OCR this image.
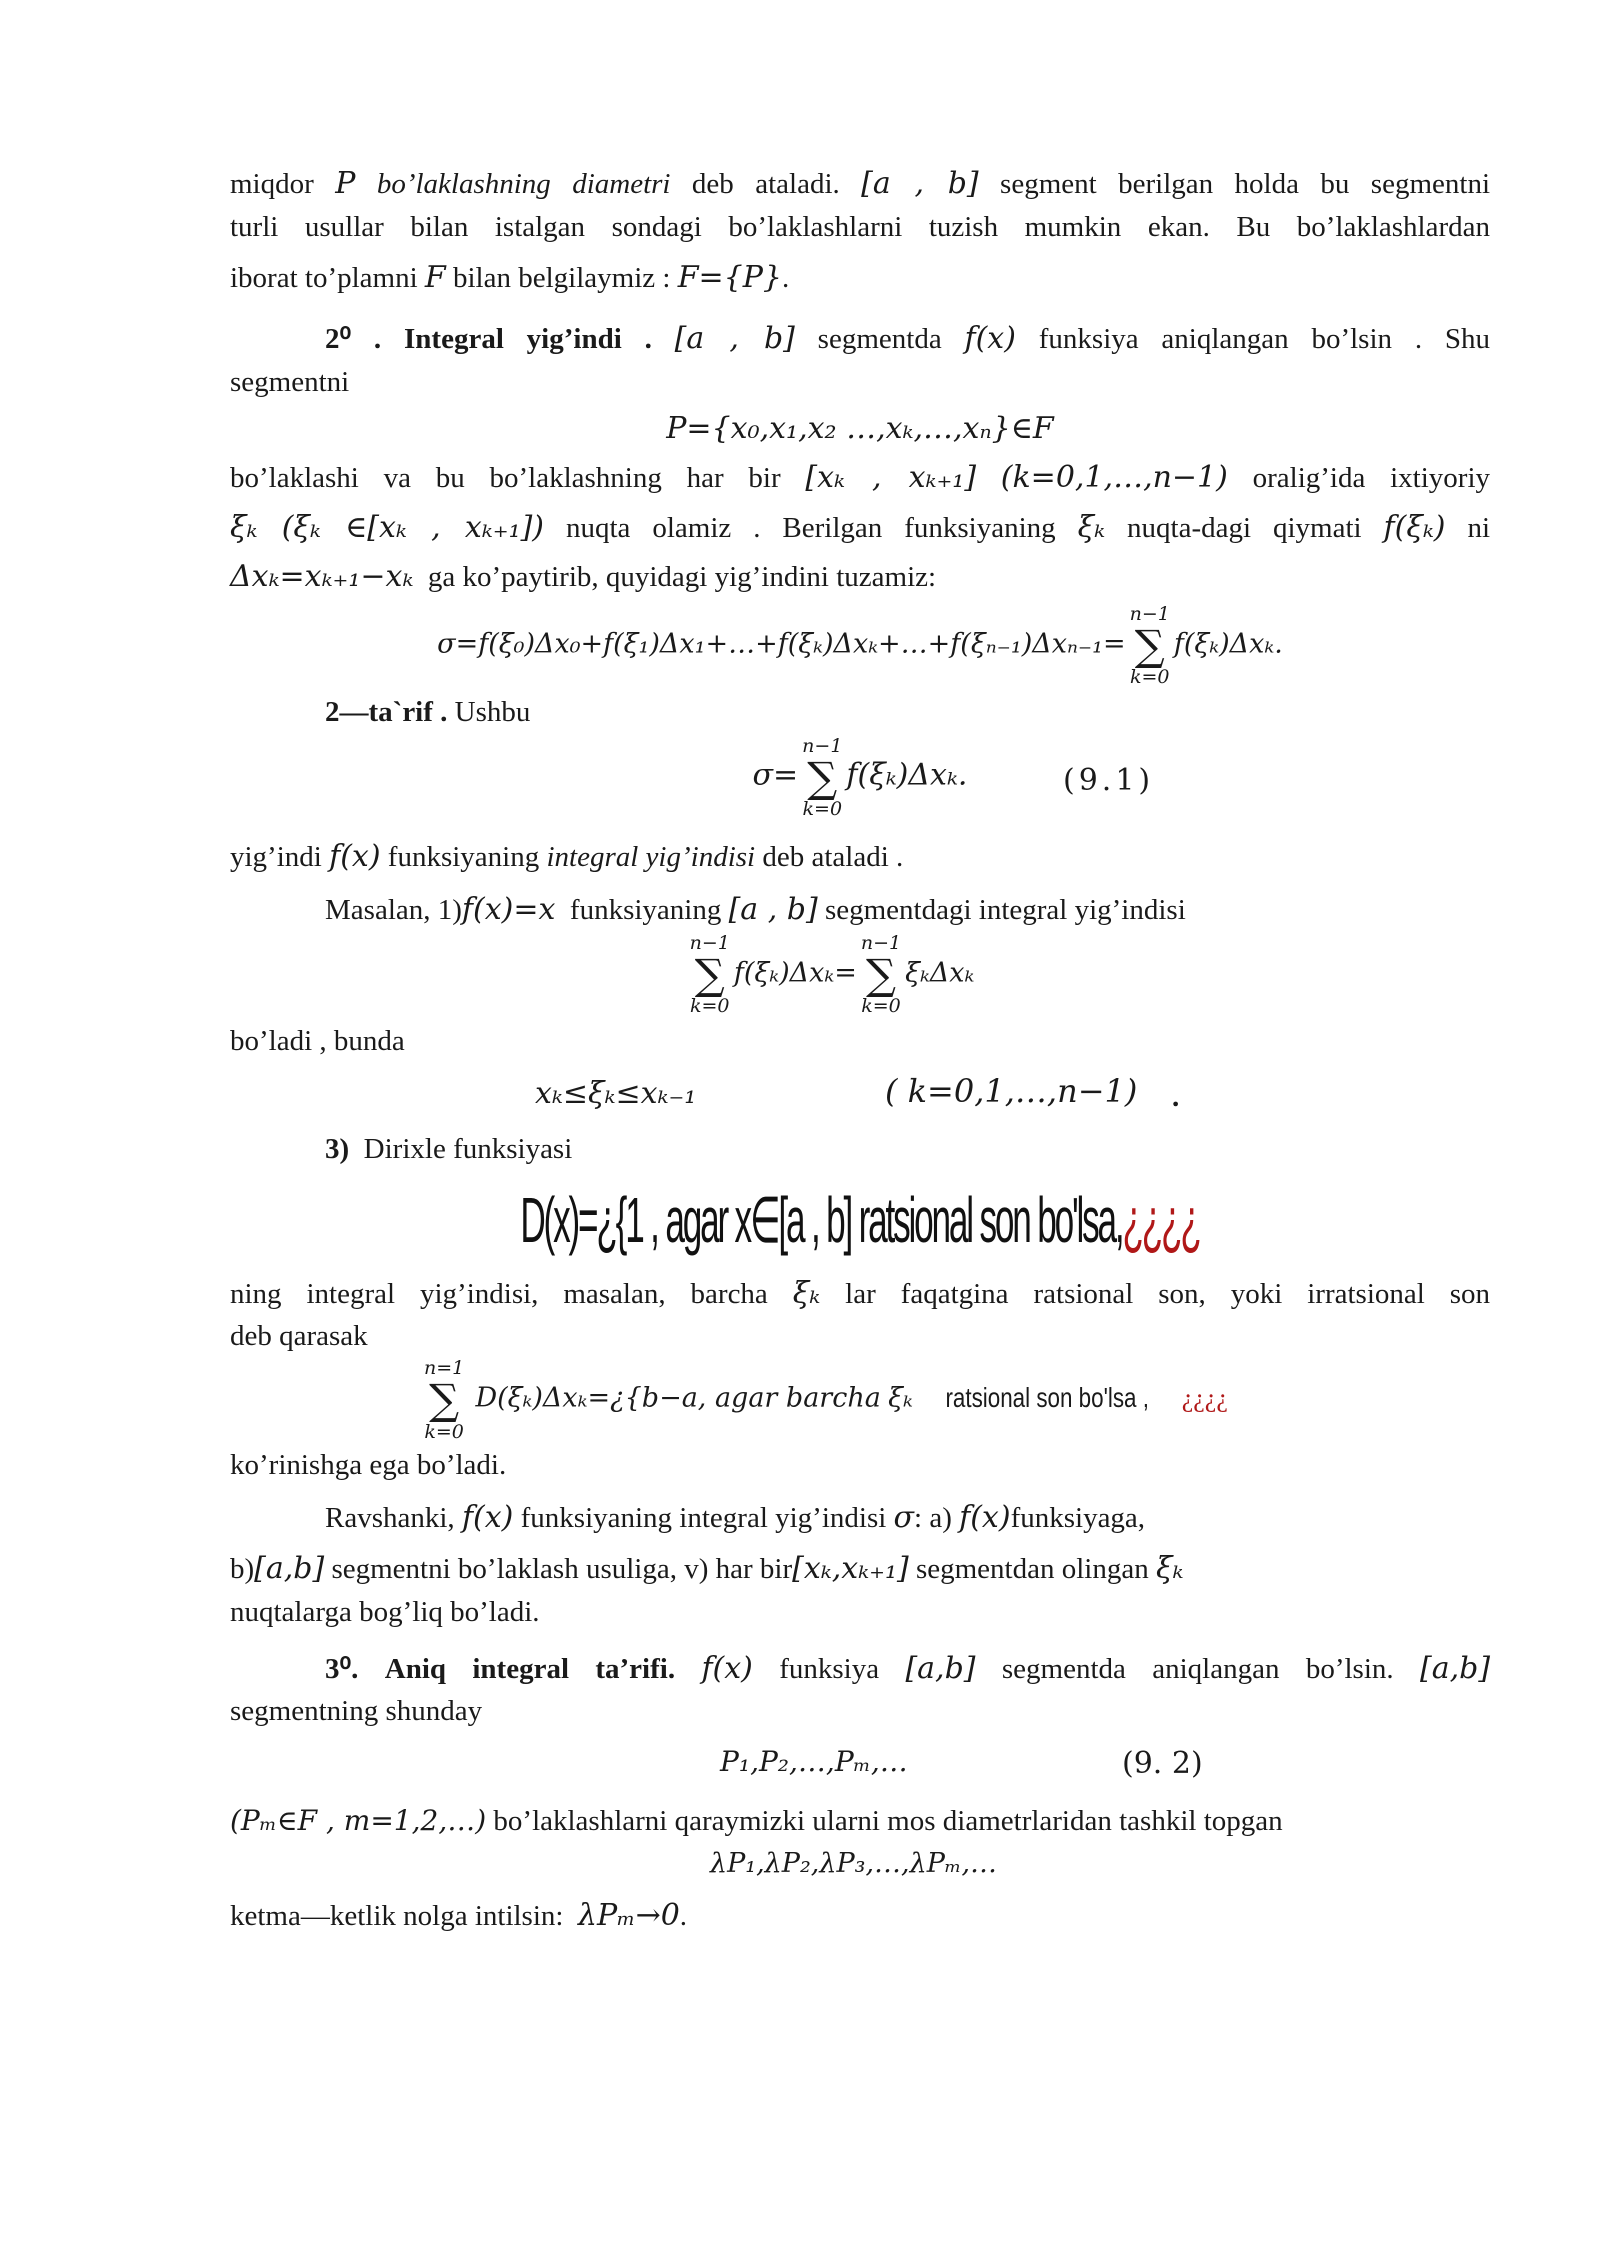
miqdor P bo’laklashning diametri deb ataladi. [a , b] segment berilgan holda bu segmentni
turli usullar bilan istalgan sondagi bo’laklashlarni tuzish mumkin ekan. Bu bo’laklashlardan
iborat to’plamni F bilan belgilaymiz : F={P}.
2⁰ . Integral yig’indi . [a , b] segmentda f(x) funksiya aniqlangan bo’lsin . Shu
segmentni
P={x₀,x₁,x₂ …,xₖ,…,xₙ}∈F
bo’laklashi va bu bo’laklashning har bir [xₖ , xₖ₊₁] (k=0,1,…,n−1) oralig’ida ixtiyoriy
ξₖ (ξₖ ∈[xₖ , xₖ₊₁]) nuqta olamiz . Berilgan funksiyaning ξₖ nuqta-dagi qiymati f(ξₖ) ni
Δxₖ=xₖ₊₁−xₖ ga ko’paytirib, quyidagi yig’indini tuzamiz:
σ=f(ξ₀)Δx₀+f(ξ₁)Δx₁+…+f(ξₖ)Δxₖ+…+f(ξₙ₋₁)Δxₙ₋₁=
n−1
∑
k=0
f(ξₖ)Δxₖ.
2—ta`rif . Ushbu
σ=
n−1
∑
k=0
f(ξₖ)Δxₖ.	(9.1)
yig’indi f(x) funksiyaning integral yig’indisi deb ataladi .
Masalan, 1)f(x)=x funksiyaning [a , b] segmentdagi integral yig’indisi
n−1
∑
k=0
f(ξₖ)Δxₖ=
n−1
∑
k=0
ξₖΔxₖ
bo’ladi , bunda
xₖ≤ξₖ≤xₖ₋₁	( k=0,1,…,n−1) .
3) Dirixle funksiyasi
D(x)=¿{1 , agar x∈[a , b] ratsional son bo'lsa,¿¿¿¿
ning integral yig’indisi, masalan, barcha ξₖ lar faqatgina ratsional son, yoki irratsional son
deb qarasak
n=1
∑
k=0
D(ξₖ)Δxₖ=¿{b−a, agar barcha ξₖ ratsional son bo'lsa , ¿¿¿¿
ko’rinishga ega bo’ladi.
Ravshanki, f(x) funksiyaning integral yig’indisi σ: a) f(x)funksiyaga,
b)[a,b] segmentni bo’laklash usuliga, v) har bir[xₖ,xₖ₊₁] segmentdan olingan ξₖ
nuqtalarga bog’liq bo’ladi.
3⁰. Aniq integral ta’rifi. f(x) funksiya [a,b] segmentda aniqlangan bo’lsin. [a,b]
segmentning shunday
P₁,P₂,…,Pₘ,…	(9. 2)
(Pₘ∈F , m=1,2,…) bo’laklashlarni qaraymizki ularni mos diametrlaridan tashkil topgan
λP₁,λP₂,λP₃,…,λPₘ,…
ketma—ketlik nolga intilsin: λPₘ→0.
